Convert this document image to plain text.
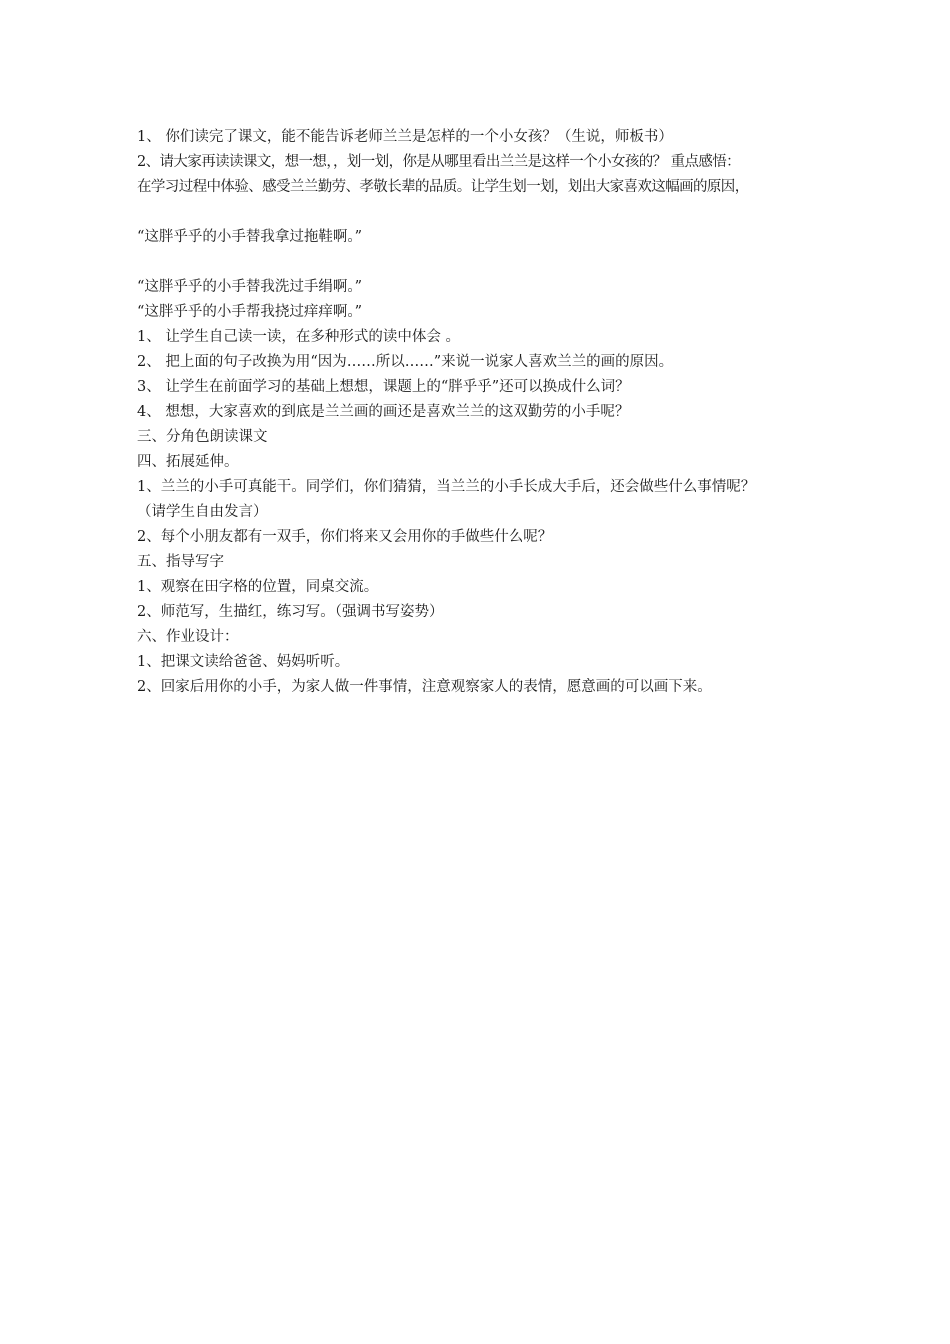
1、 你们读完了课文，能不能告诉老师兰兰是怎样的一个小女孩？（生说，师板书）
2、请大家再读读课文，想一想，，划一划，你是从哪里看出兰兰是这样一个小女孩的？ 重点感悟：
在学习过程中体验、感受兰兰勤劳、孝敬长辈的品质。让学生划一划，划出大家喜欢这幅画的原因，
“这胖乎乎的小手替我拿过拖鞋啊。”
“这胖乎乎的小手替我洗过手绢啊。”
“这胖乎乎的小手帮我挠过痒痒啊。”
1、 让学生自己读一读，在多种形式的读中体会 。
2、 把上面的句子改换为用“因为……所以……”来说一说家人喜欢兰兰的画的原因。
3、 让学生在前面学习的基础上想想，课题上的“胖乎乎”还可以换成什么词？
4、 想想，大家喜欢的到底是兰兰画的画还是喜欢兰兰的这双勤劳的小手呢？
三、分角色朗读课文
四、拓展延伸。
1、兰兰的小手可真能干。同学们，你们猜猜，当兰兰的小手长成大手后，还会做些什么事情呢？
（请学生自由发言）
2、每个小朋友都有一双手，你们将来又会用你的手做些什么呢？
五、指导写字
1、观察在田字格的位置，同桌交流。
2、师范写，生描红，练习写。（强调书写姿势）
六、作业设计：
1、把课文读给爸爸、妈妈听听。
2、回家后用你的小手，为家人做一件事情，注意观察家人的表情，愿意画的可以画下来。
